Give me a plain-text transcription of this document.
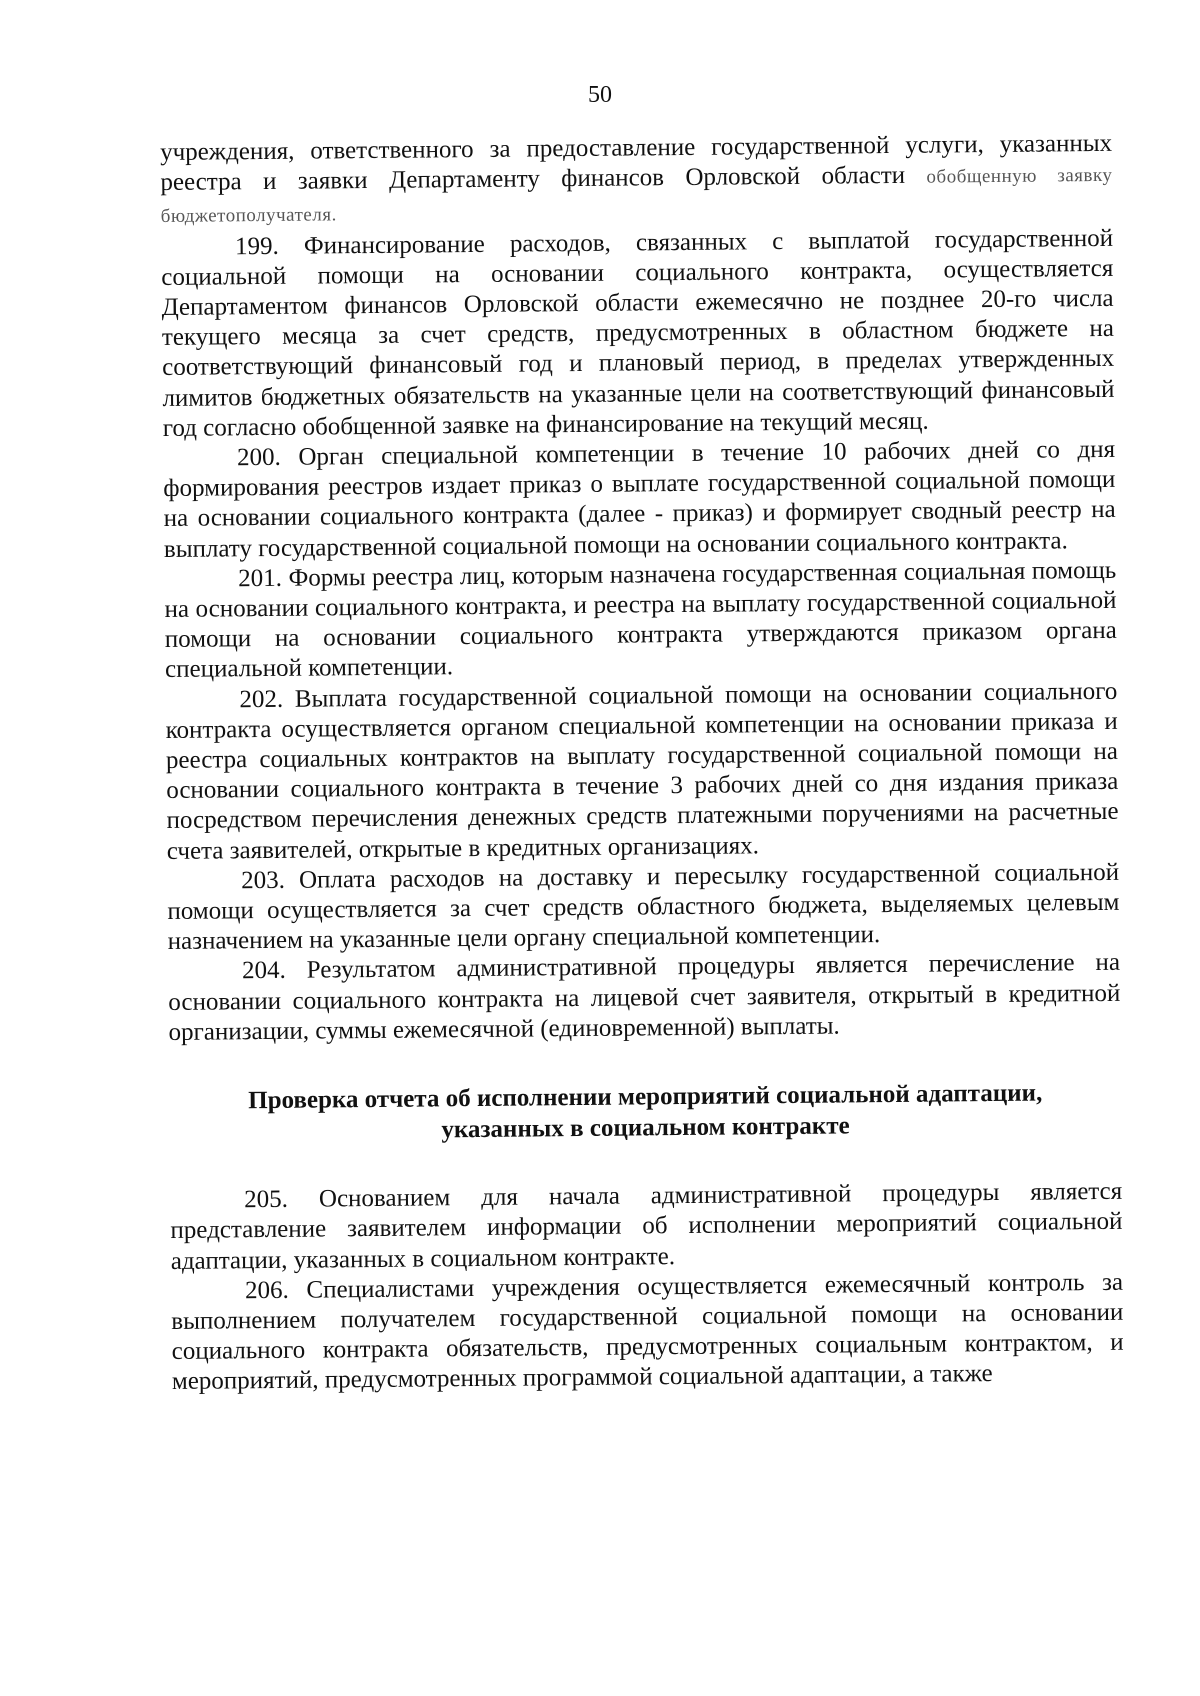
50

учреждения, ответственного за предоставление государственной услуги, указанных реестра и заявки Департаменту финансов Орловской области обобщенную заявку бюджетополучателя.

199. Финансирование расходов, связанных с выплатой государственной социальной помощи на основании социального контракта, осуществляется Департаментом финансов Орловской области ежемесячно не позднее 20-го числа текущего месяца за счет средств, предусмотренных в областном бюджете на соответствующий финансовый год и плановый период, в пределах утвержденных лимитов бюджетных обязательств на указанные цели на соответствующий финансовый год согласно обобщенной заявке на финансирование на текущий месяц.

200. Орган специальной компетенции в течение 10 рабочих дней со дня формирования реестров издает приказ о выплате государственной социальной помощи на основании социального контракта (далее - приказ) и формирует сводный реестр на выплату государственной социальной помощи на основании социального контракта.

201. Формы реестра лиц, которым назначена государственная социальная помощь на основании социального контракта, и реестра на выплату государственной социальной помощи на основании социального контракта утверждаются приказом органа специальной компетенции.

202. Выплата государственной социальной помощи на основании социального контракта осуществляется органом специальной компетенции на основании приказа и реестра социальных контрактов на выплату государственной социальной помощи на основании социального контракта в течение 3 рабочих дней со дня издания приказа посредством перечисления денежных средств платежными поручениями на расчетные счета заявителей, открытые в кредитных организациях.

203. Оплата расходов на доставку и пересылку государственной социальной помощи осуществляется за счет средств областного бюджета, выделяемых целевым назначением на указанные цели органу специальной компетенции.

204. Результатом административной процедуры является перечисление на основании социального контракта на лицевой счет заявителя, открытый в кредитной организации, суммы ежемесячной (единовременной) выплаты.

Проверка отчета об исполнении мероприятий социальной адаптации,
указанных в социальном контракте

205. Основанием для начала административной процедуры является представление заявителем информации об исполнении мероприятий социальной адаптации, указанных в социальном контракте.

206. Специалистами учреждения осуществляется ежемесячный контроль за выполнением получателем государственной социальной помощи на основании социального контракта обязательств, предусмотренных социальным контрактом, и мероприятий, предусмотренных программой социальной адаптации, а также
